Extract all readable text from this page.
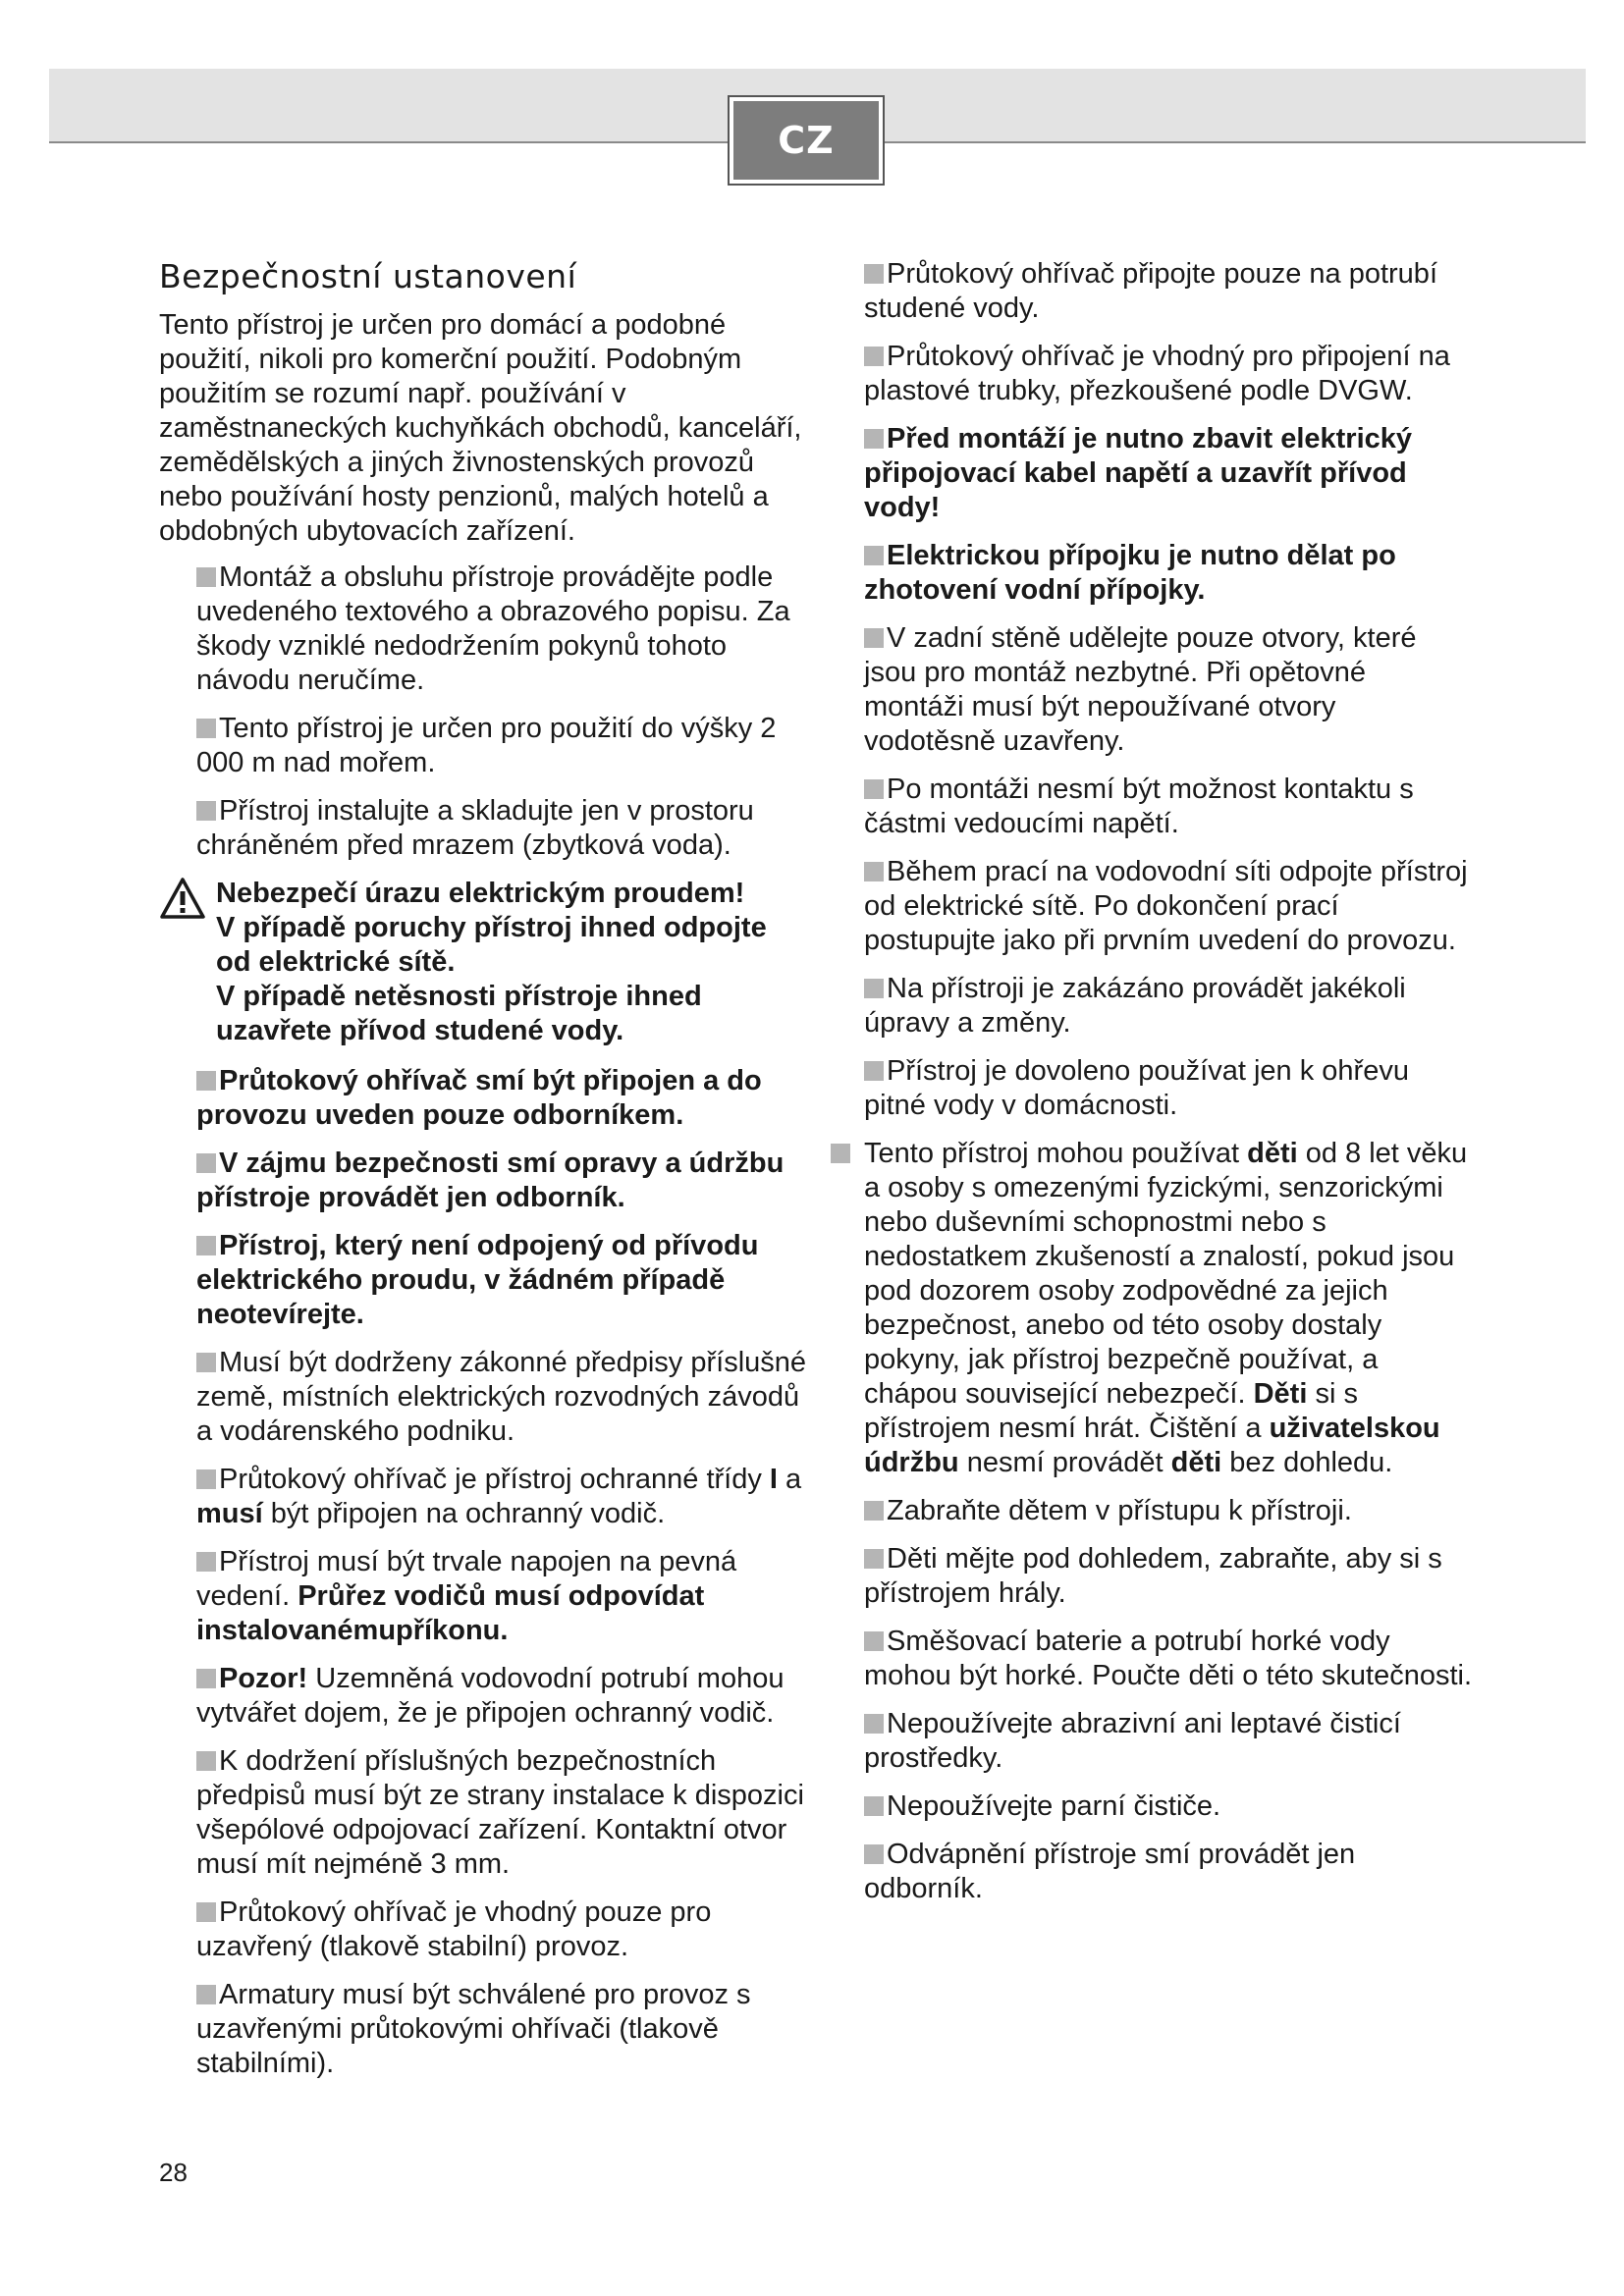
CZ
Bezpečnostní ustanovení

Tento přístroj je určen pro domácí a podobné použití, nikoli pro komerční použití. Podobným použitím se rozumí např. používání v zaměstnaneckých kuchyňkách obchodů, kanceláří, zemědělských a jiných živnostenských provozů nebo používání hosty penzionů, malých hotelů a obdobných ubytovacích zařízení.

Montáž a obsluhu přístroje provádějte podle uvedeného textového a obrazového popisu. Za škody vzniklé nedodržením pokynů tohoto návodu neručíme.

Tento přístroj je určen pro použití do výšky 2 000 m nad mořem.

Přístroj instalujte a skladujte jen v prostoru chráněném před mrazem (zbytková voda).

Nebezpečí úrazu elektrickým proudem!

V případě poruchy přístroj ihned odpojte od elektrické sítě.

V případě netěsnosti přístroje ihned uzavřete přívod studené vody.

Průtokový ohřívač smí být připojen a do provozu uveden pouze odborníkem.

V zájmu bezpečnosti smí opravy a údržbu přístroje provádět jen odborník.

Přístroj, který není odpojený od přívodu elektrického proudu, v žádném případě neotevírejte.

Musí být dodrženy zákonné předpisy příslušné země, místních elektrických rozvodných závodů a vodárenského podniku.

Průtokový ohřívač je přístroj ochranné třídy I a musí být připojen na ochranný vodič.

Přístroj musí být trvale napojen na pevná vedení. Průřez vodičů musí odpovídat instalovanémupříkonu.

Pozor! Uzemněná vodovodní potrubí mohou vytvářet dojem, že je připojen ochranný vodič.

K dodržení příslušných bezpečnostních předpisů musí být ze strany instalace k dispozici všepólové odpojovací zařízení. Kontaktní otvor musí mít nejméně 3 mm.

Průtokový ohřívač je vhodný pouze pro uzavřený (tlakově stabilní) provoz.

Armatury musí být schválené pro provoz s uzavřenými průtokovými ohřívači (tlakově stabilními).

Průtokový ohřívač připojte pouze na potrubí studené vody.

Průtokový ohřívač je vhodný pro připojení na plastové trubky, přezkoušené podle DVGW.

Před montáží je nutno zbavit elektrický připojovací kabel napětí a uzavřít přívod vody!

Elektrickou přípojku je nutno dělat po zhotovení vodní přípojky.

V zadní stěně udělejte pouze otvory, které jsou pro montáž nezbytné. Při opětovné montáži musí být nepoužívané otvory vodotěsně uzavřeny.

Po montáži nesmí být možnost kontaktu s částmi vedoucími napětí.

Během prací na vodovodní síti odpojte přístroj od elektrické sítě. Po dokončení prací postupujte jako při prvním uvedení do provozu.

Na přístroji je zakázáno provádět jakékoli úpravy a změny.

Přístroj je dovoleno používat jen k ohřevu pitné vody v domácnosti.

Tento přístroj mohou používat děti od 8 let věku a osoby s omezenými fyzickými, senzorickými nebo duševními schopnostmi nebo s nedostatkem zkušeností a znalostí, pokud jsou pod dozorem osoby zodpovědné za jejich bezpečnost, anebo od této osoby dostaly pokyny, jak přístroj bezpečně používat, a chápou související nebezpečí. Děti si s přístrojem nesmí hrát. Čištění a uživatelskou údržbu nesmí provádět děti bez dohledu.

Zabraňte dětem v přístupu k přístroji.

Děti mějte pod dohledem, zabraňte, aby si s přístrojem hrály.

Směšovací baterie a potrubí horké vody mohou být horké. Poučte děti o této skutečnosti.

Nepoužívejte abrazivní ani leptavé čisticí prostředky.

Nepoužívejte parní čističe.

Odvápnění přístroje smí provádět jen odborník.

28
